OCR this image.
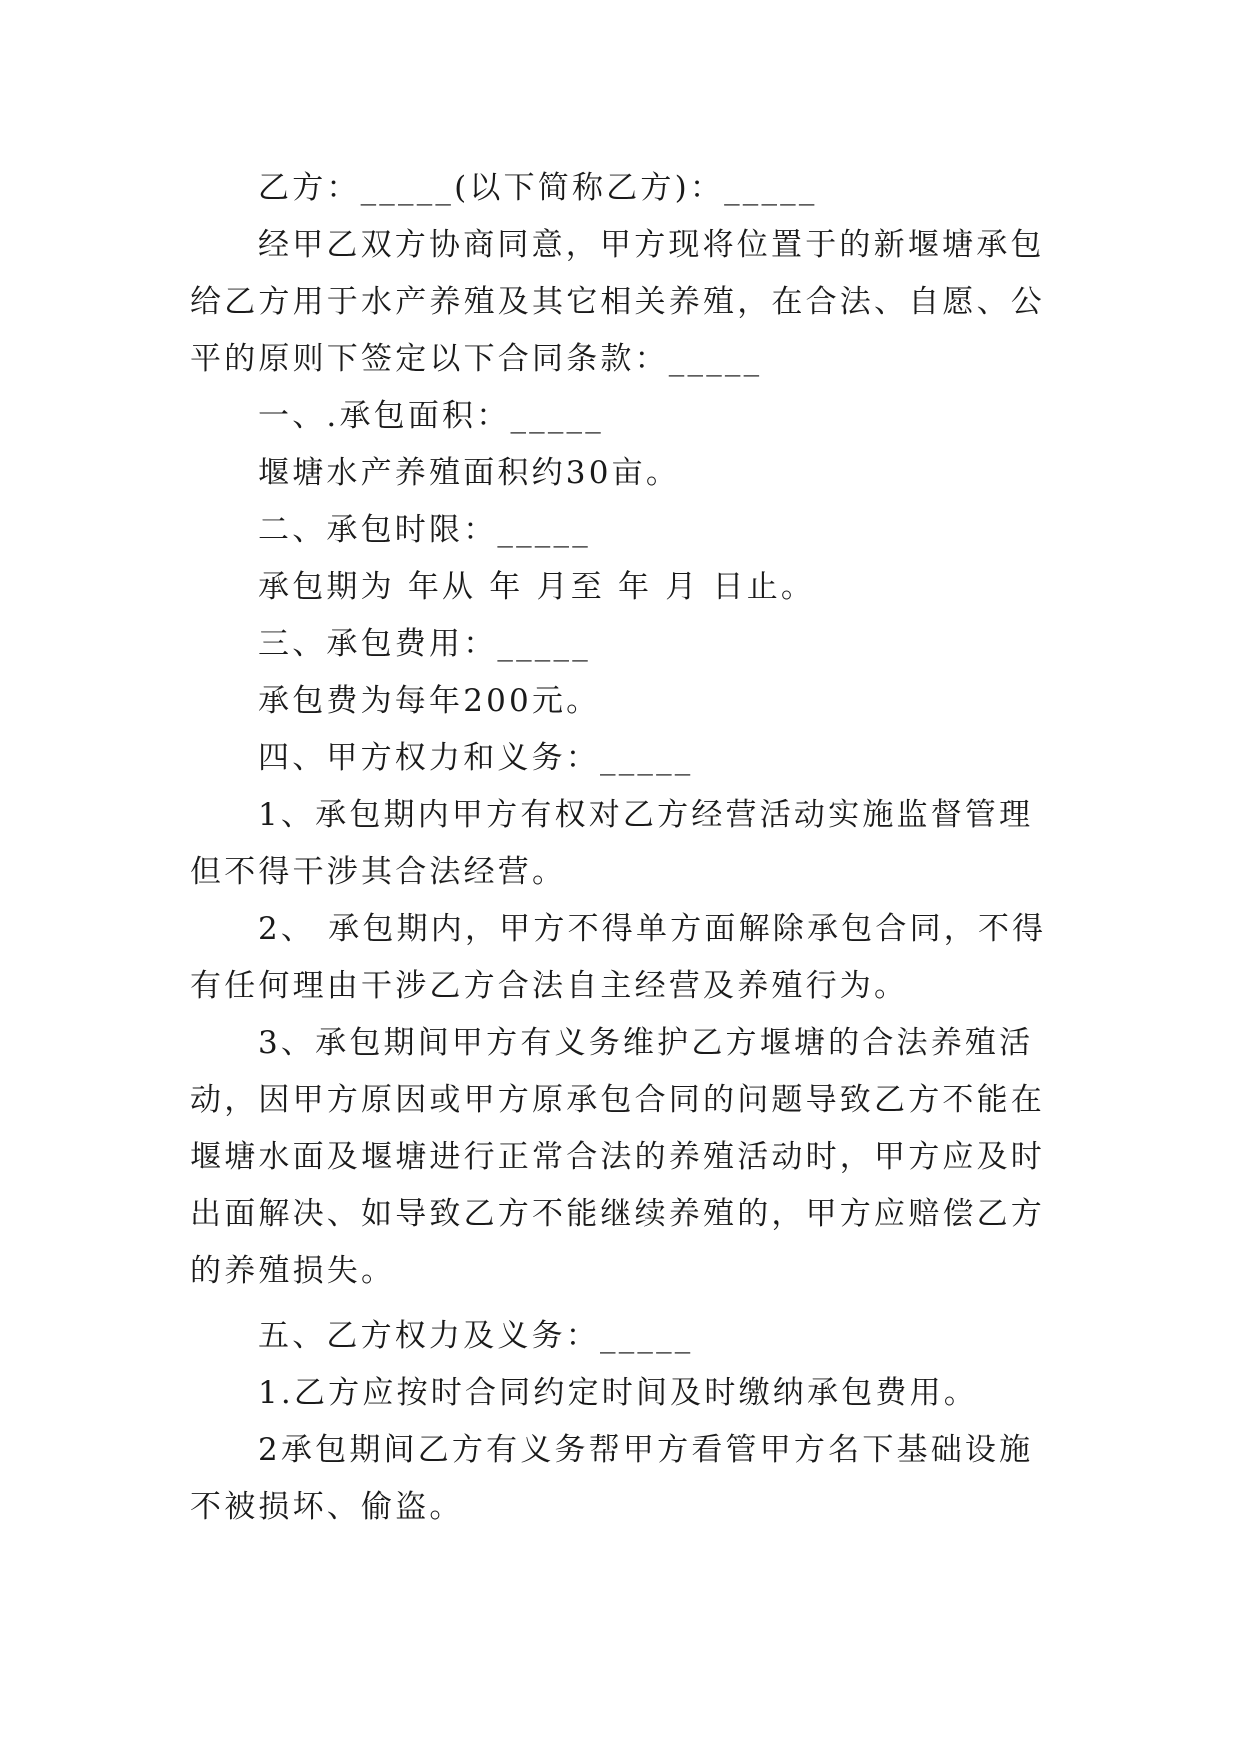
乙方：_____(以下简称乙方)：_____

经甲乙双方协商同意，甲方现将位置于的新堰塘承包给乙方用于水产养殖及其它相关养殖，在合法、自愿、公平的原则下签定以下合同条款：_____

一、.承包面积：_____

堰塘水产养殖面积约30亩。

二、承包时限：_____

承包期为 年从 年 月至 年 月 日止。

三、承包费用：_____

承包费为每年200元。

四、甲方权力和义务：_____

1、承包期内甲方有权对乙方经营活动实施监督管理但不得干涉其合法经营。

2、 承包期内，甲方不得单方面解除承包合同，不得有任何理由干涉乙方合法自主经营及养殖行为。

3、承包期间甲方有义务维护乙方堰塘的合法养殖活动，因甲方原因或甲方原承包合同的问题导致乙方不能在堰塘水面及堰塘进行正常合法的养殖活动时，甲方应及时出面解决、如导致乙方不能继续养殖的，甲方应赔偿乙方的养殖损失。

五、乙方权力及义务：_____

1.乙方应按时合同约定时间及时缴纳承包费用。

2承包期间乙方有义务帮甲方看管甲方名下基础设施不被损坏、偷盗。
